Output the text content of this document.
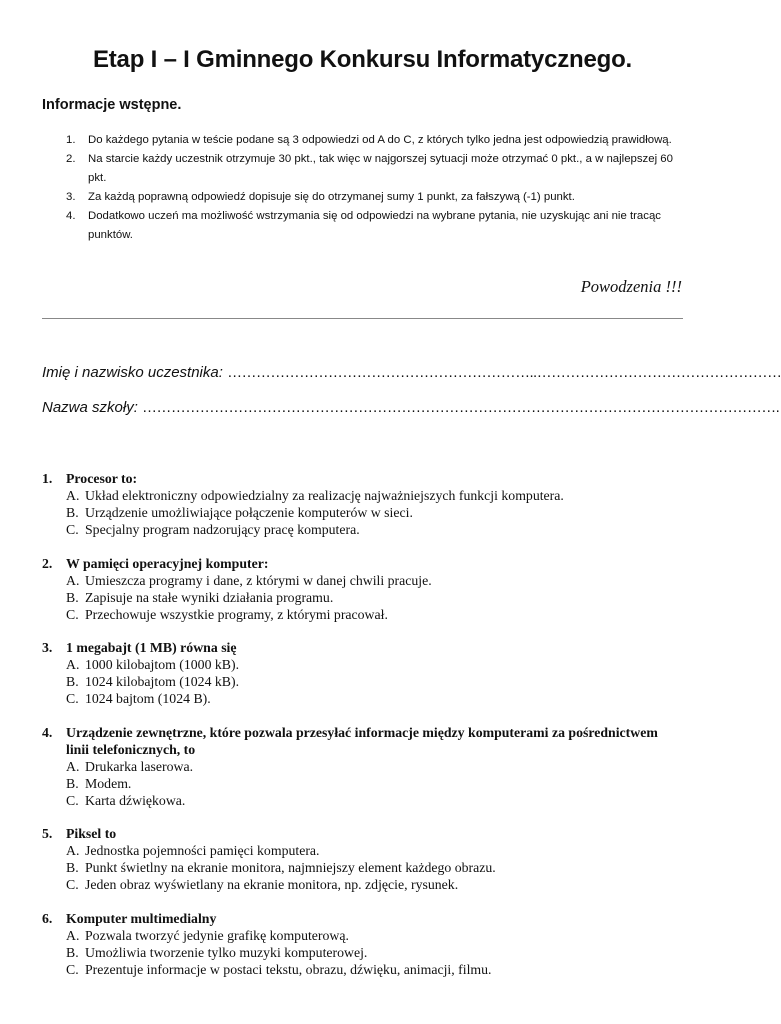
Etap I – I Gminnego Konkursu Informatycznego.
Informacje wstępne.
1. Do każdego pytania w teście podane są 3 odpowiedzi od A do C, z których tylko jedna jest odpowiedzią prawidłową.
2. Na starcie każdy uczestnik otrzymuje 30 pkt., tak więc w najgorszej sytuacji może otrzymać 0 pkt., a w najlepszej 60 pkt.
3. Za każdą poprawną odpowiedź dopisuje się do otrzymanej sumy 1 punkt, za fałszywą (-1) punkt.
4. Dodatkowo uczeń ma możliwość wstrzymania się od odpowiedzi na wybrane pytania, nie uzyskując ani nie tracąc punktów.

Powodzenia !!!

Imię i nazwisko uczestnika: ………………………………………………………..……………………………………………
Nazwa szkoły: …………………………………………………………………………………………………………………….
1. Procesor to:
A. Układ elektroniczny odpowiedzialny za realizację najważniejszych funkcji komputera.
B. Urządzenie umożliwiające połączenie komputerów w sieci.
C. Specjalny program nadzorujący pracę komputera.
2. W pamięci operacyjnej komputer:
A. Umieszcza programy i dane, z którymi w danej chwili pracuje.
B. Zapisuje na stałe wyniki działania programu.
C. Przechowuje wszystkie programy, z którymi pracował.
3. 1 megabajt (1 MB) równa się
A. 1000 kilobajtom (1000 kB).
B. 1024 kilobajtom (1024 kB).
C. 1024 bajtom (1024 B).
4. Urządzenie zewnętrzne, które pozwala przesyłać informacje między komputerami za pośrednictwem linii telefonicznych, to
A. Drukarka laserowa.
B. Modem.
C. Karta dźwiękowa.
5. Piksel to
A. Jednostka pojemności pamięci komputera.
B. Punkt świetlny na ekranie monitora, najmniejszy element każdego obrazu.
C. Jeden obraz wyświetlany na ekranie monitora, np. zdjęcie, rysunek.
6. Komputer multimedialny
A. Pozwala tworzyć jedynie grafikę komputerową.
B. Umożliwia tworzenie tylko muzyki komputerowej.
C. Prezentuje informacje w postaci tekstu, obrazu, dźwięku, animacji, filmu.
